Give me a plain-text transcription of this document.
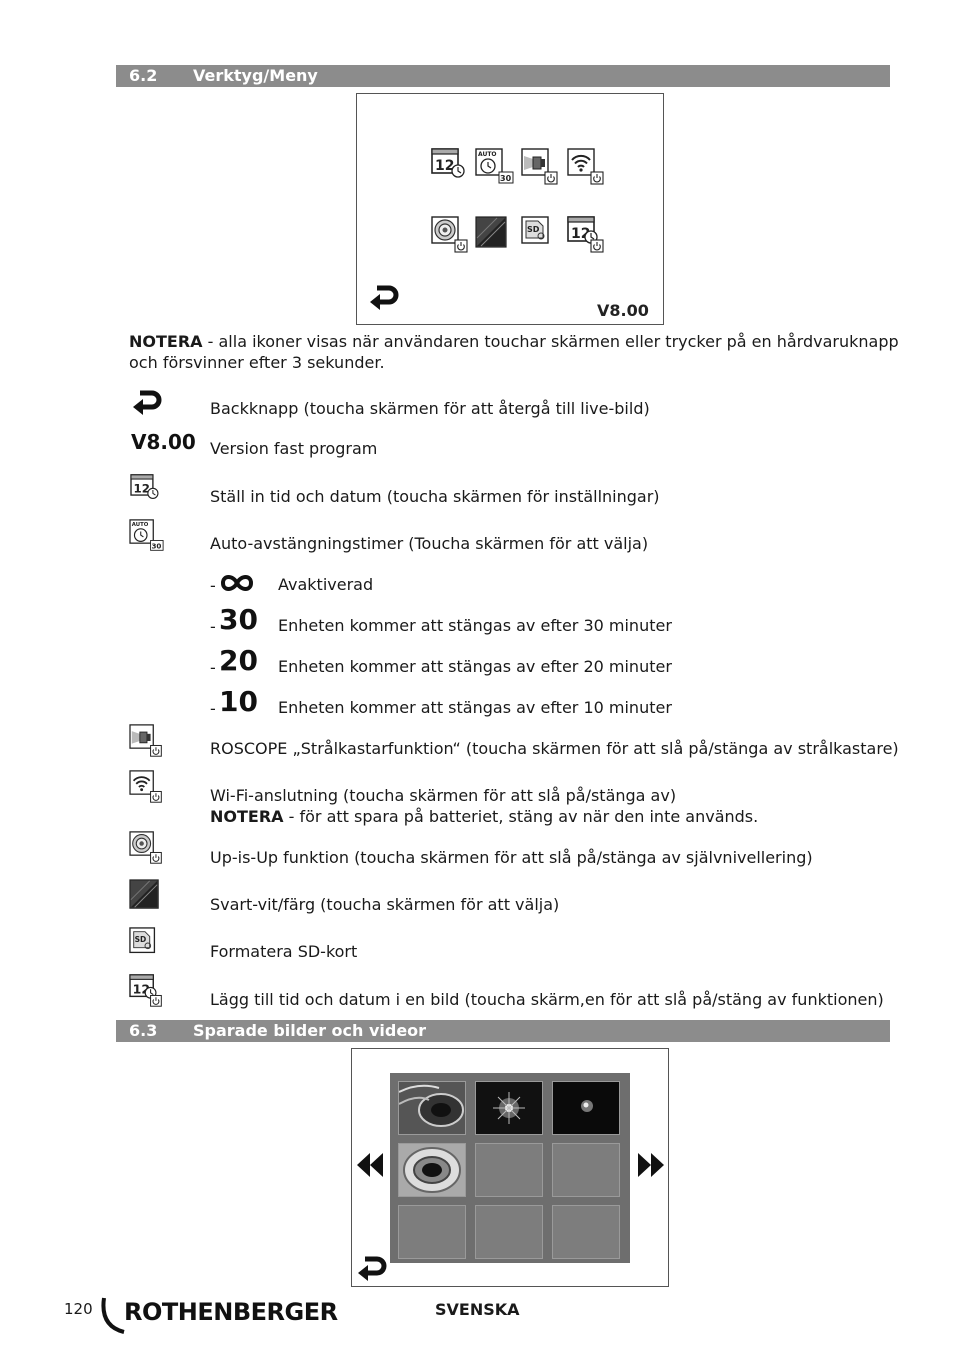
6.2 Verktyg/Meny
V8.00
NOTERA - alla ikoner visas när användaren touchar skärmen eller trycker på en hårdvaruknapp
och försvinner efter 3 sekunder.
Backknapp (toucha skärmen för att återgå till live-bild)
V8.00 Version fast program
Ställ in tid och datum (toucha skärmen för inställningar)
Auto-avstängningstimer (Toucha skärmen för att välja)
-	Avaktiverad
- 30 Enheten kommer att stängas av efter 30 minuter
- 20 Enheten kommer att stängas av efter 20 minuter
- 10 Enheten kommer att stängas av efter 10 minuter
ROSCOPE „Strålkastarfunktion“ (toucha skärmen för att slå på/stänga av strålkastare)
Wi-Fi-anslutning (toucha skärmen för att slå på/stänga av)
NOTERA - för att spara på batteriet, stäng av när den inte används.
Up-is-Up funktion (toucha skärmen för att slå på/stänga av självnivellering)
Svart-vit/färg (toucha skärmen för att välja)
Formatera SD-kort
Lägg till tid och datum i en bild (toucha skärm,en för att slå på/stäng av funktionen)
6.3 Sparade bilder och videor
120 ROTHENBERGER	SVENSKA
